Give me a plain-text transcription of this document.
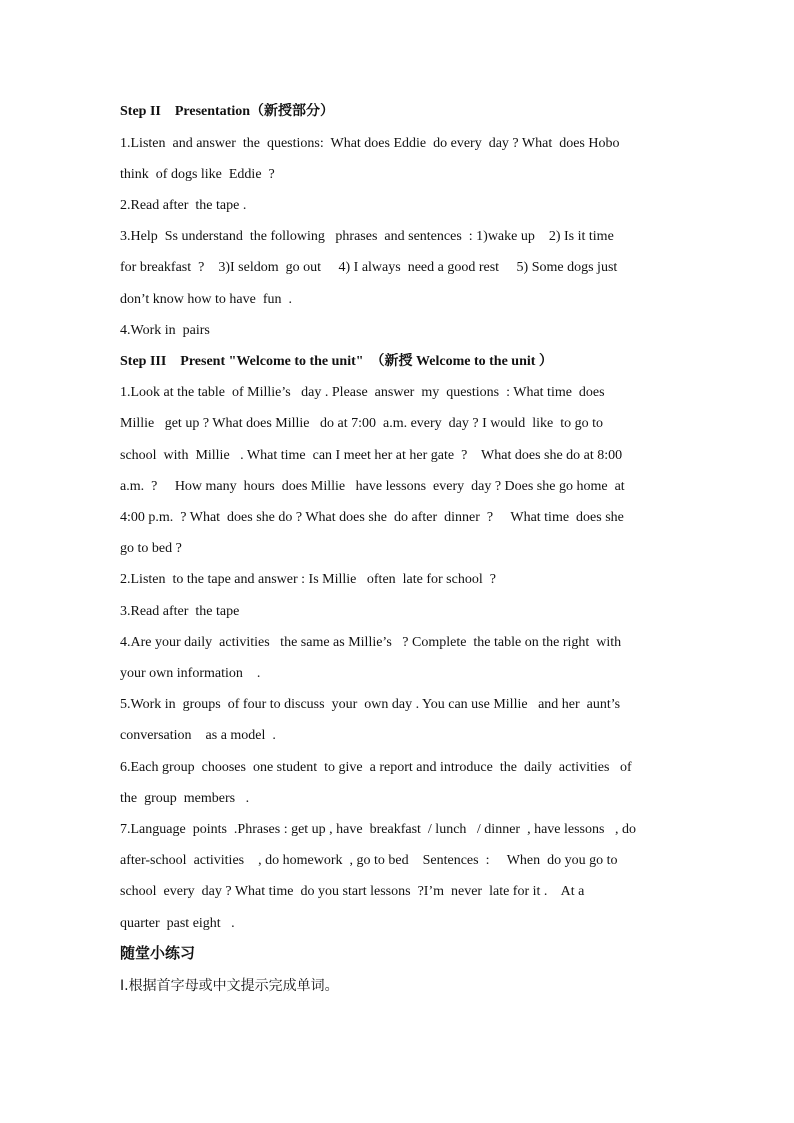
Step II　Presentation（新授部分）
1.Listen  and answer  the  questions:  What does Eddie  do every  day ? What  does Hobo
think  of dogs like  Eddie  ?
2.Read after  the tape .
3.Help  Ss understand  the following   phrases  and sentences  : 1)wake up    2) Is it time
for breakfast  ?    3)I seldom  go out     4) I always  need a good rest     5) Some dogs just
don’t know how to have  fun  .
4.Work in  pairs
Step III　Present "Welcome to the unit"　（新授 Welcome to the unit ）
1.Look at the table  of Millie’s   day . Please  answer  my  questions  : What time  does
Millie   get up ? What does Millie   do at 7:00  a.m. every  day ? I would  like  to go to
school  with  Millie   . What time  can I meet her at her gate  ?    What does she do at 8:00
a.m.  ?     How many  hours  does Millie   have lessons  every  day ? Does she go home  at
4:00 p.m.  ? What  does she do ? What does she  do after  dinner  ?     What time  does she
go to bed ?
2.Listen  to the tape and answer : Is Millie   often  late for school  ?
3.Read after  the tape
4.Are your daily  activities   the same as Millie’s   ? Complete  the table on the right  with
your own information    .
5.Work in  groups  of four to discuss  your  own day . You can use Millie   and her  aunt’s
conversation    as a model  .
6.Each group  chooses  one student  to give  a report and introduce  the  daily  activities   of
the  group  members   .
7.Language  points  .Phrases : get up , have  breakfast  / lunch   / dinner  , have lessons   , do
after-school  activities    , do homework  , go to bed    Sentences  :     When  do you go to
school  every  day ? What time  do you start lessons  ?I’m  never  late for it .    At a
quarter  past eight   .
随堂小练习
I.根据首字母或中文提示完成单词。
